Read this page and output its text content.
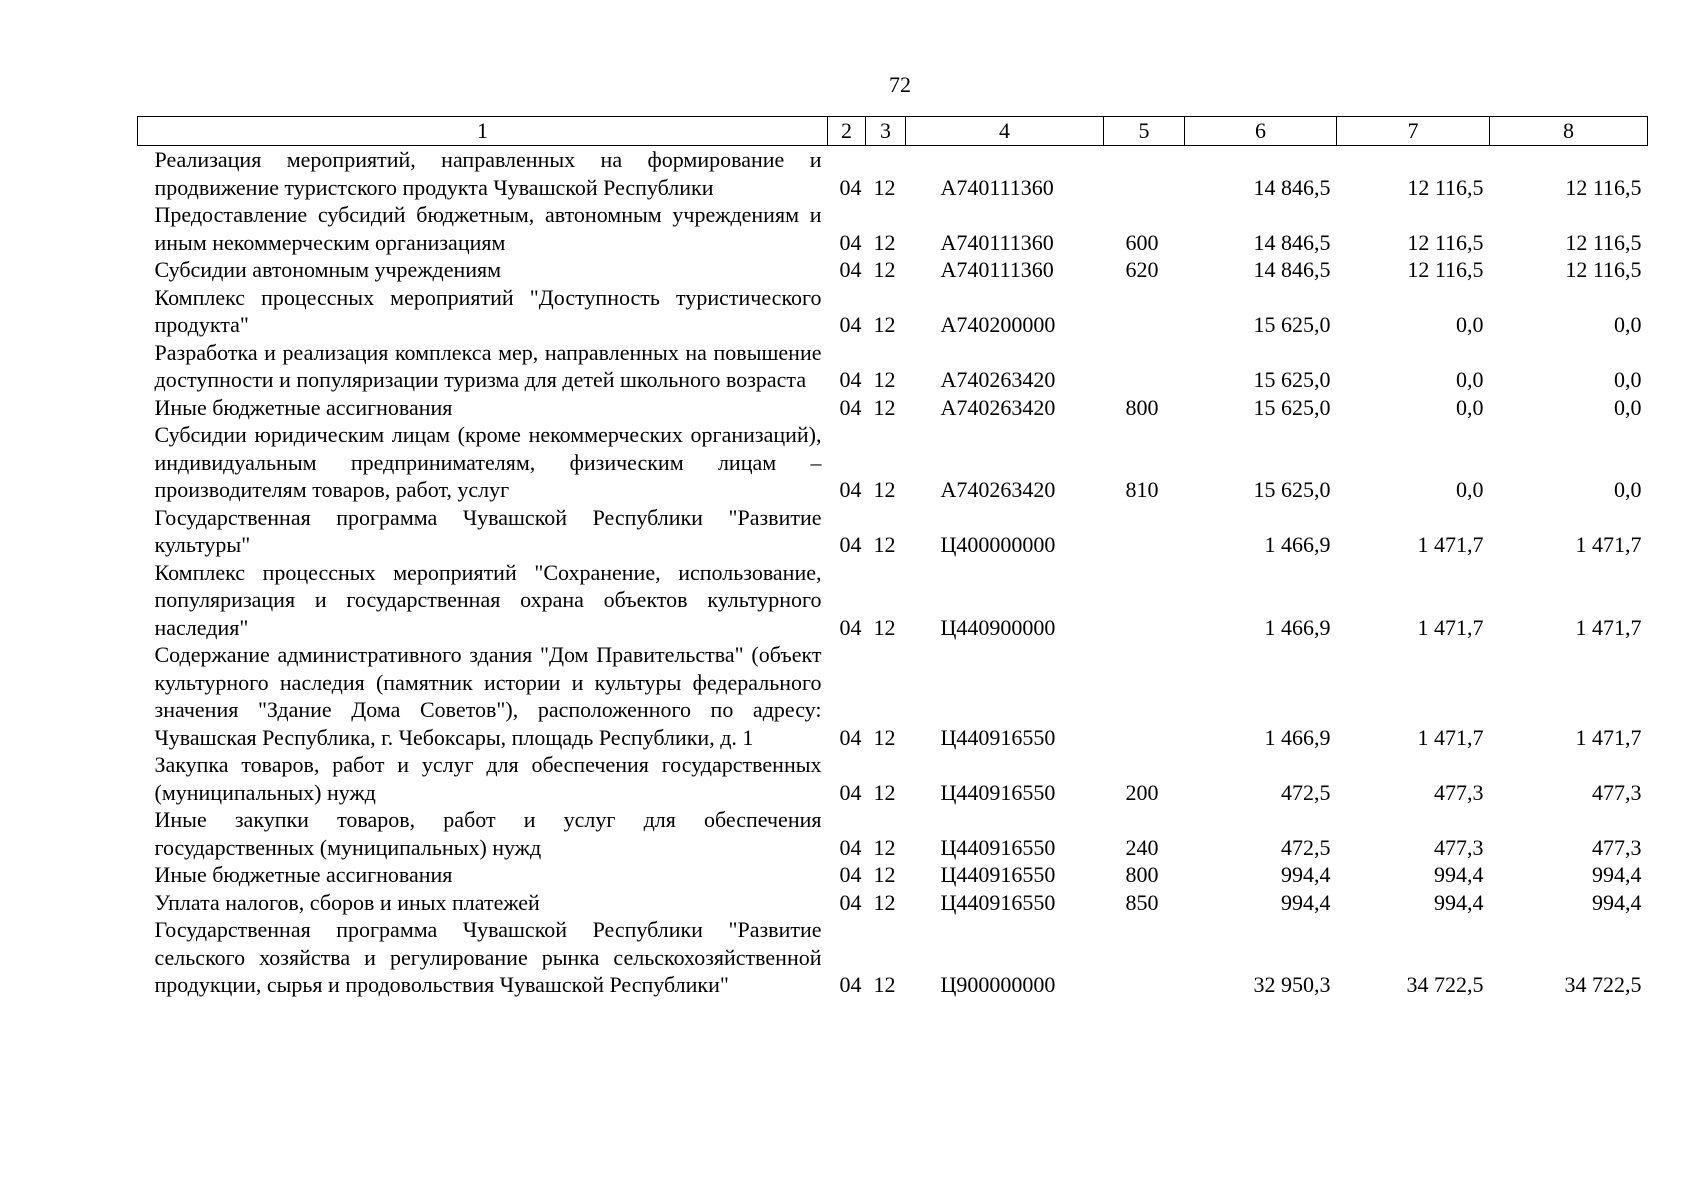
72
1	2	3	4	5	6	7	8
Реализация мероприятий, направленных на формирование и продвижение туристского продукта Чувашской Республики	04	12	А740111360		14 846,5	12 116,5	12 116,5
Предоставление субсидий бюджетным, автономным учреждениям и иным некоммерческим организациям	04	12	А740111360	600	14 846,5	12 116,5	12 116,5
Субсидии автономным учреждениям	04	12	А740111360	620	14 846,5	12 116,5	12 116,5
Комплекс процессных мероприятий "Доступность туристического продукта"	04	12	А740200000		15 625,0	0,0	0,0
Разработка и реализация комплекса мер, направленных на повышение доступности и популяризации туризма для детей школьного возраста	04	12	А740263420		15 625,0	0,0	0,0
Иные бюджетные ассигнования	04	12	А740263420	800	15 625,0	0,0	0,0
Субсидии юридическим лицам (кроме некоммерческих организаций), индивидуальным предпринимателям, физическим лицам – производителям товаров, работ, услуг	04	12	А740263420	810	15 625,0	0,0	0,0
Государственная программа Чувашской Республики "Развитие культуры"	04	12	Ц400000000		1 466,9	1 471,7	1 471,7
Комплекс процессных мероприятий "Сохранение, использование, популяризация и государственная охрана объектов культурного наследия"	04	12	Ц440900000		1 466,9	1 471,7	1 471,7
Содержание административного здания "Дом Правительства" (объект культурного наследия (памятник истории и культуры федерального значения "Здание Дома Советов"), расположенного по адресу: Чувашская Республика, г. Чебоксары, площадь Республики, д. 1	04	12	Ц440916550		1 466,9	1 471,7	1 471,7
Закупка товаров, работ и услуг для обеспечения государственных (муниципальных) нужд	04	12	Ц440916550	200	472,5	477,3	477,3
Иные закупки товаров, работ и услуг для обеспечения государственных (муниципальных) нужд	04	12	Ц440916550	240	472,5	477,3	477,3
Иные бюджетные ассигнования	04	12	Ц440916550	800	994,4	994,4	994,4
Уплата налогов, сборов и иных платежей	04	12	Ц440916550	850	994,4	994,4	994,4
Государственная программа Чувашской Республики "Развитие сельского хозяйства и регулирование рынка сельскохозяйственной продукции, сырья и продовольствия Чувашской Республики"	04	12	Ц900000000		32 950,3	34 722,5	34 722,5
